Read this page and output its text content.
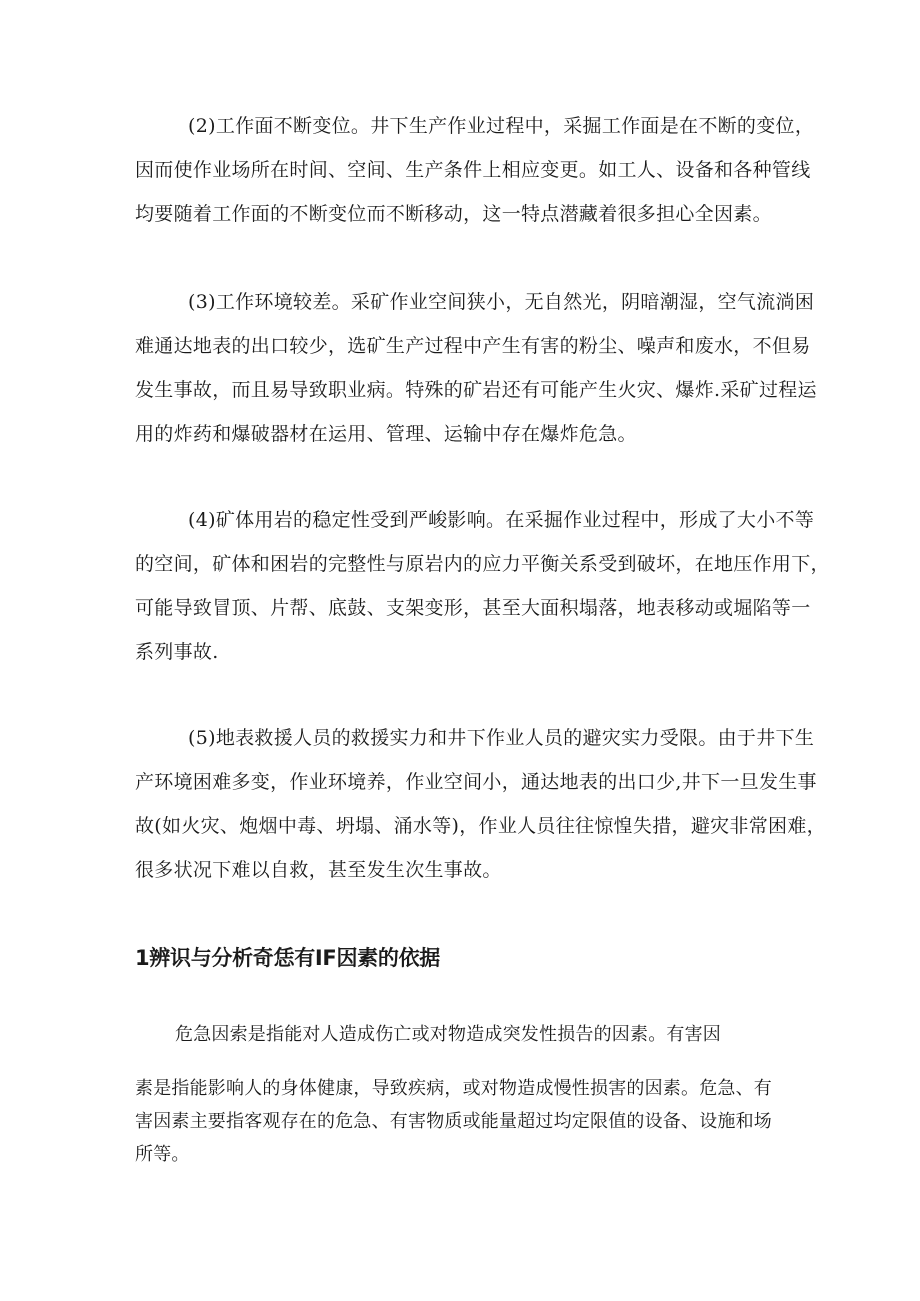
(2)工作面不断变位。井下生产作业过程中，采掘工作面是在不断的变位，
因而使作业场所在时间、空间、生产条件上相应变更。如工人、设备和各种管线
均要随着工作面的不断变位而不断移动，这一特点潜藏着很多担心全因素。

(3)工作环境较差。采矿作业空间狭小，无自然光，阴暗潮湿，空气流淌困
难通达地表的出口较少，选矿生产过程中产生有害的粉尘、噪声和废水，不但易
发生事故，而且易导致职业病。特殊的矿岩还有可能产生火灾、爆炸.采矿过程运
用的炸药和爆破器材在运用、管理、运输中存在爆炸危急。

(4)矿体用岩的稳定性受到严峻影响。在采掘作业过程中，形成了大小不等
的空间，矿体和困岩的完整性与原岩内的应力平衡关系受到破坏，在地压作用下，
可能导致冒顶、片帮、底鼓、支架变形，甚至大面积塌落，地表移动或堀陷等一
系列事故.

(5)地表救援人员的救援实力和井下作业人员的避灾实力受限。由于井下生
产环境困难多变，作业环境养，作业空间小，通达地表的出口少,井下一旦发生事
故(如火灾、炮烟中毒、坍塌、涌水等)，作业人员往往惊惶失措，避灾非常困难，
很多状况下难以自救，甚至发生次生事故。

1辨识与分析奇恁有IF因素的依据

危急因索是指能对人造成伤亡或对物造成突发性损告的因素。有害因

素是指能影响人的身体健康，导致疾病，或对物造成慢性损害的因素。危急、有
害因素主要指客观存在的危急、有害物质或能量超过均定限值的设备、设施和场
所等。
